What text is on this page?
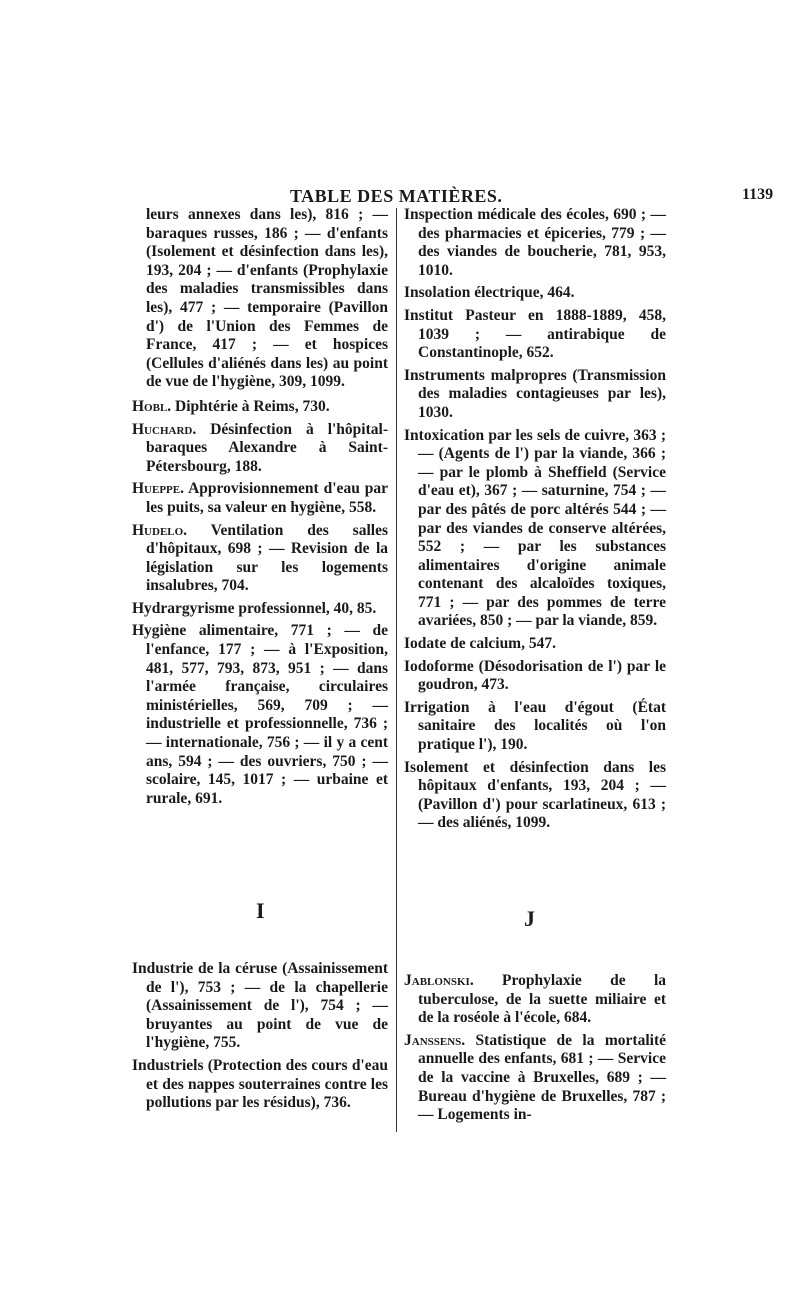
TABLE DES MATIÈRES.	1139

leurs annexes dans les), 816 ; — baraques russes, 186 ; — d'enfants (Isolement et désinfection dans les), 193, 204 ; — d'enfants (Prophylaxie des maladies transmissibles dans les), 477 ; — temporaire (Pavillon d') de l'Union des Femmes de France, 417 ; — et hospices (Cellules d'aliénés dans les) au point de vue de l'hygiène, 309, 1099.

Hobl. Diphtérie à Reims, 730.

Huchard. Désinfection à l'hôpital-baraques Alexandre à Saint-Pétersbourg, 188.

Hueppe. Approvisionnement d'eau par les puits, sa valeur en hygiène, 558.

Hudelo. Ventilation des salles d'hôpitaux, 698 ; — Revision de la législation sur les logements insalubres, 704.

Hydrargyrisme professionnel, 40, 85.

Hygiène alimentaire, 771 ; — de l'enfance, 177 ; — à l'Exposition, 481, 577, 793, 873, 951 ; — dans l'armée française, circulaires ministérielles, 569, 709 ; — industrielle et professionnelle, 736 ; — internationale, 756 ; — il y a cent ans, 594 ; — des ouvriers, 750 ; — scolaire, 145, 1017 ; — urbaine et rurale, 691.

Inspection médicale des écoles, 690 ; — des pharmacies et épiceries, 779 ; — des viandes de boucherie, 781, 953, 1010.

Insolation électrique, 464.

Institut Pasteur en 1888-1889, 458, 1039 ; — antirabique de Constantinople, 652.

Instruments malpropres (Transmission des maladies contagieuses par les), 1030.

Intoxication par les sels de cuivre, 363 ; — (Agents de l') par la viande, 366 ; — par le plomb à Sheffield (Service d'eau et), 367 ; — saturnine, 754 ; — par des pâtés de porc altérés 544 ; — par des viandes de conserve altérées, 552 ; — par les substances alimentaires d'origine animale contenant des alcaloïdes toxiques, 771 ; — par des pommes de terre avariées, 850 ; — par la viande, 859.

Iodate de calcium, 547.

Iodoforme (Désodorisation de l') par le goudron, 473.

Irrigation à l'eau d'égout (État sanitaire des localités où l'on pratique l'), 190.

Isolement et désinfection dans les hôpitaux d'enfants, 193, 204 ; — (Pavillon d') pour scarlatineux, 613 ; — des aliénés, 1099.

I	J

Industrie de la céruse (Assainissement de l'), 753 ; — de la chapellerie (Assainissement de l'), 754 ; — bruyantes au point de vue de l'hygiène, 755.

Industriels (Protection des cours d'eau et des nappes souterraines contre les pollutions par les résidus), 736.

Jablonski. Prophylaxie de la tuberculose, de la suette miliaire et de la roséole à l'école, 684.

Janssens. Statistique de la mortalité annuelle des enfants, 681 ; — Service de la vaccine à Bruxelles, 689 ; — Bureau d'hygiène de Bruxelles, 787 ; — Logements in-
